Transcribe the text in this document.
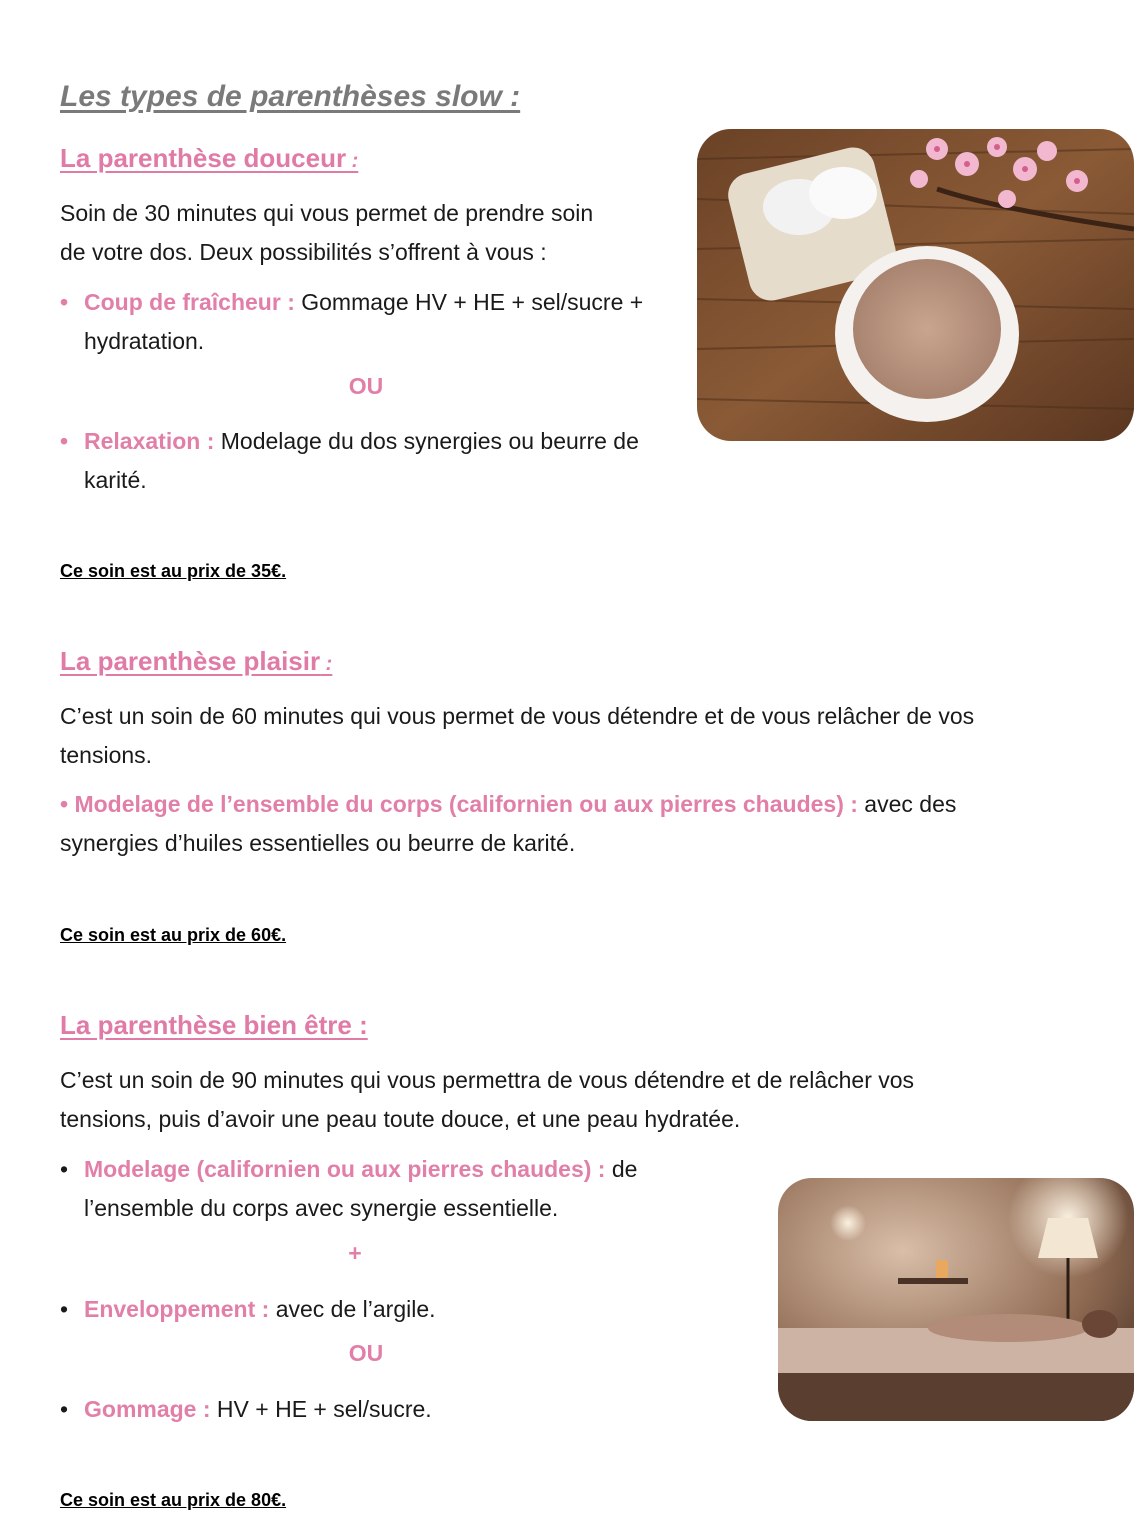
Les types de parenthèses slow :
La parenthèse douceur :
Soin de 30 minutes qui vous permet de prendre soin
de votre dos. Deux possibilités s’offrent à vous :
• Coup de fraîcheur : Gommage HV + HE + sel/sucre +
hydratation.
OU
• Relaxation : Modelage du dos synergies ou beurre de
karité.
Ce soin est au prix de 35€.
La parenthèse plaisir :
C’est un soin de 60 minutes qui vous permet de vous détendre et de vous relâcher de vos
tensions.
• Modelage de l’ensemble du corps (californien ou aux pierres chaudes) : avec des
synergies d’huiles essentielles ou beurre de karité.
Ce soin est au prix de 60€.
La parenthèse bien être :
C’est un soin de 90 minutes qui vous permettra de vous détendre et de relâcher vos
tensions, puis d’avoir une peau toute douce, et une peau hydratée.
• Modelage (californien ou aux pierres chaudes) : de
l’ensemble du corps avec synergie essentielle.
+
• Enveloppement : avec de l’argile.
OU
• Gommage : HV + HE + sel/sucre.
Ce soin est au prix de 80€.
